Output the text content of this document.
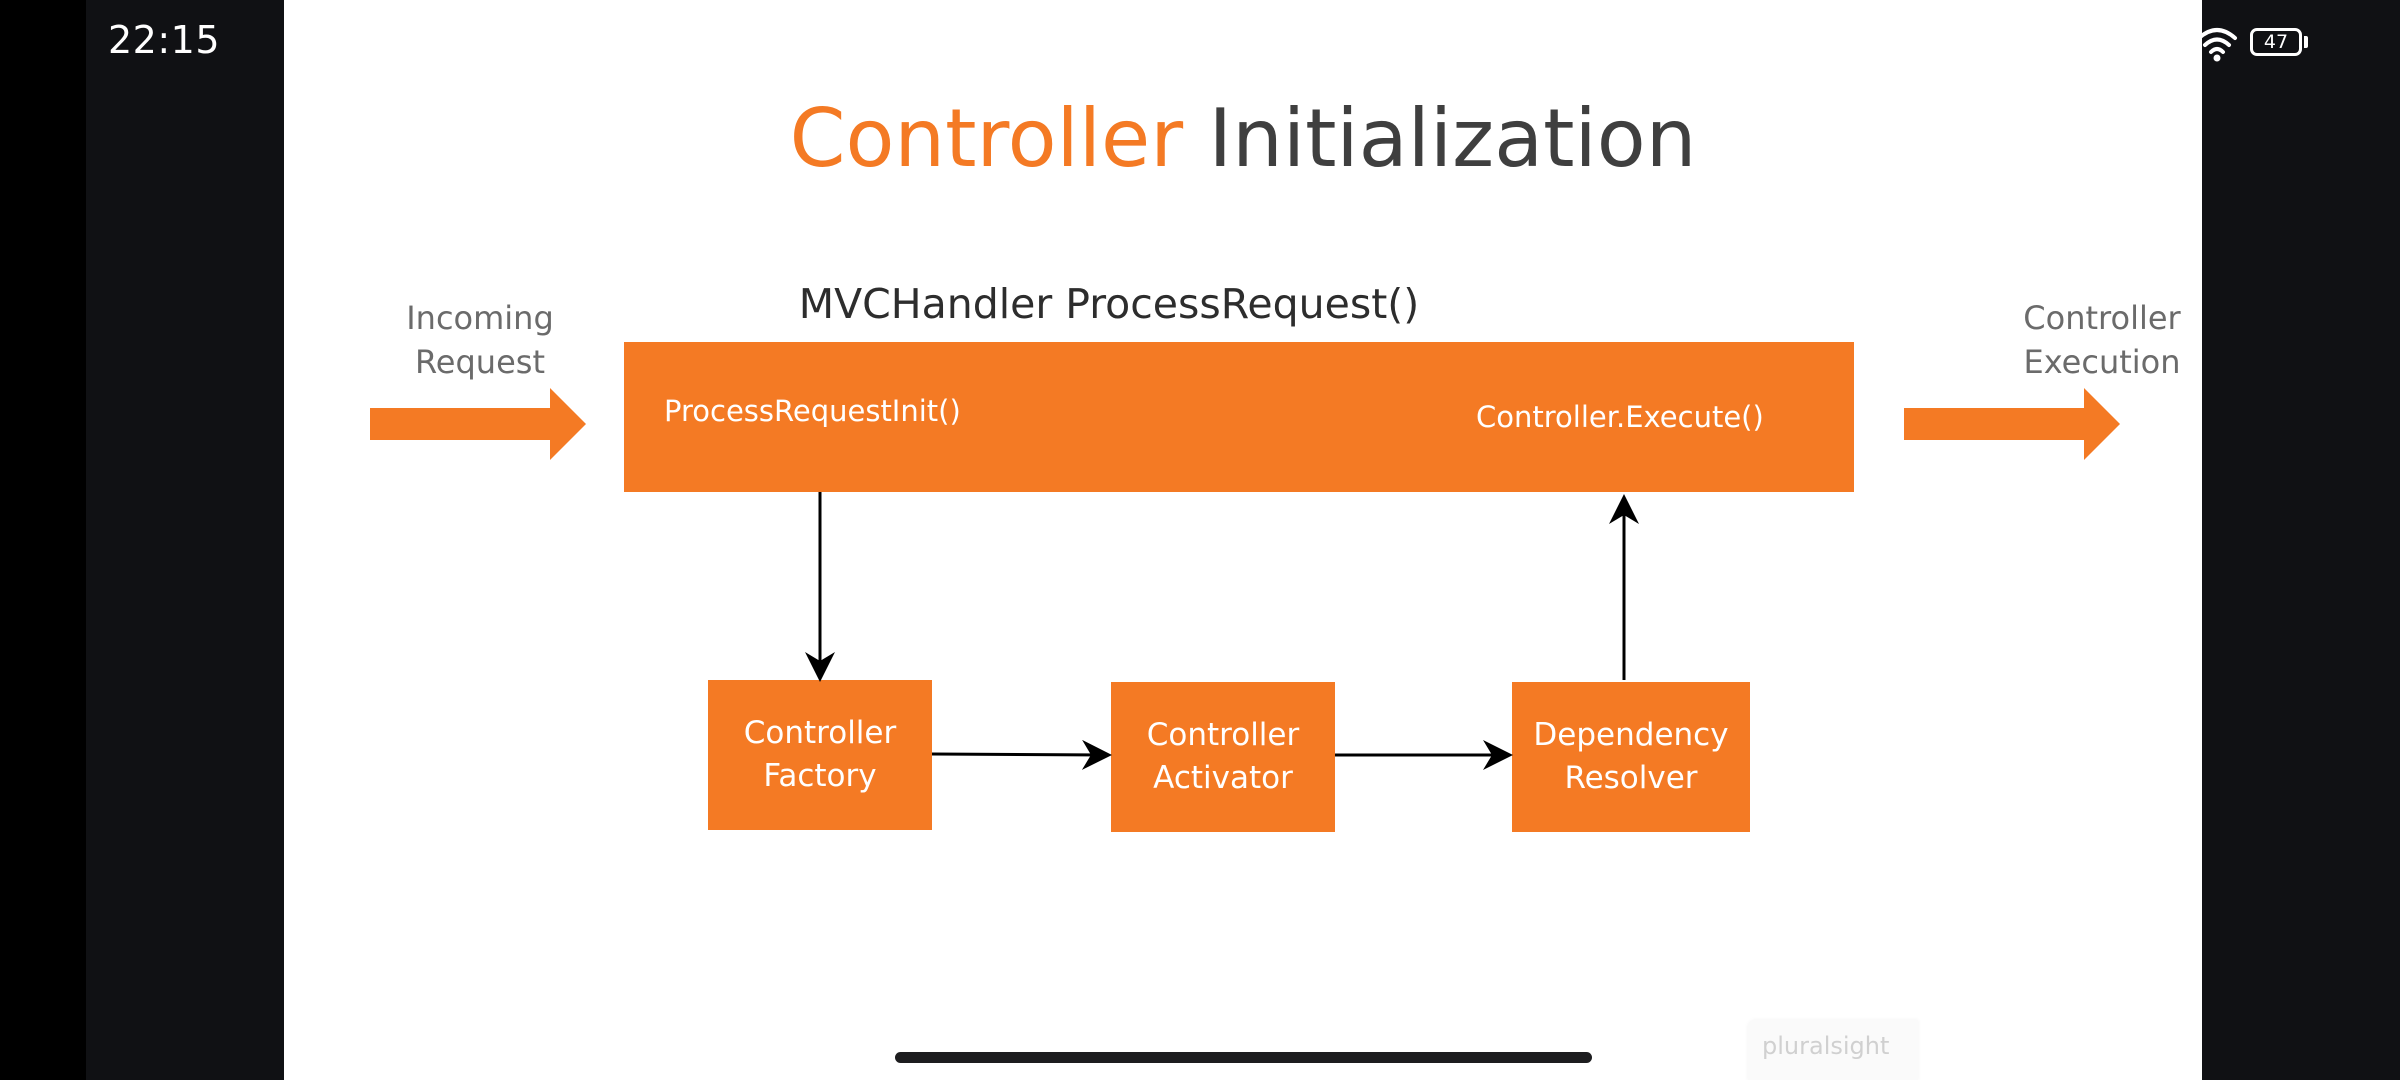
22:15	47
Controller Initialization
MVCHandler ProcessRequest()
Incoming
Request
Controller
Execution
ProcessRequestInit()	Controller.Execute()
Controller
Factory
Controller
Activator
Dependency
Resolver
pluralsight
